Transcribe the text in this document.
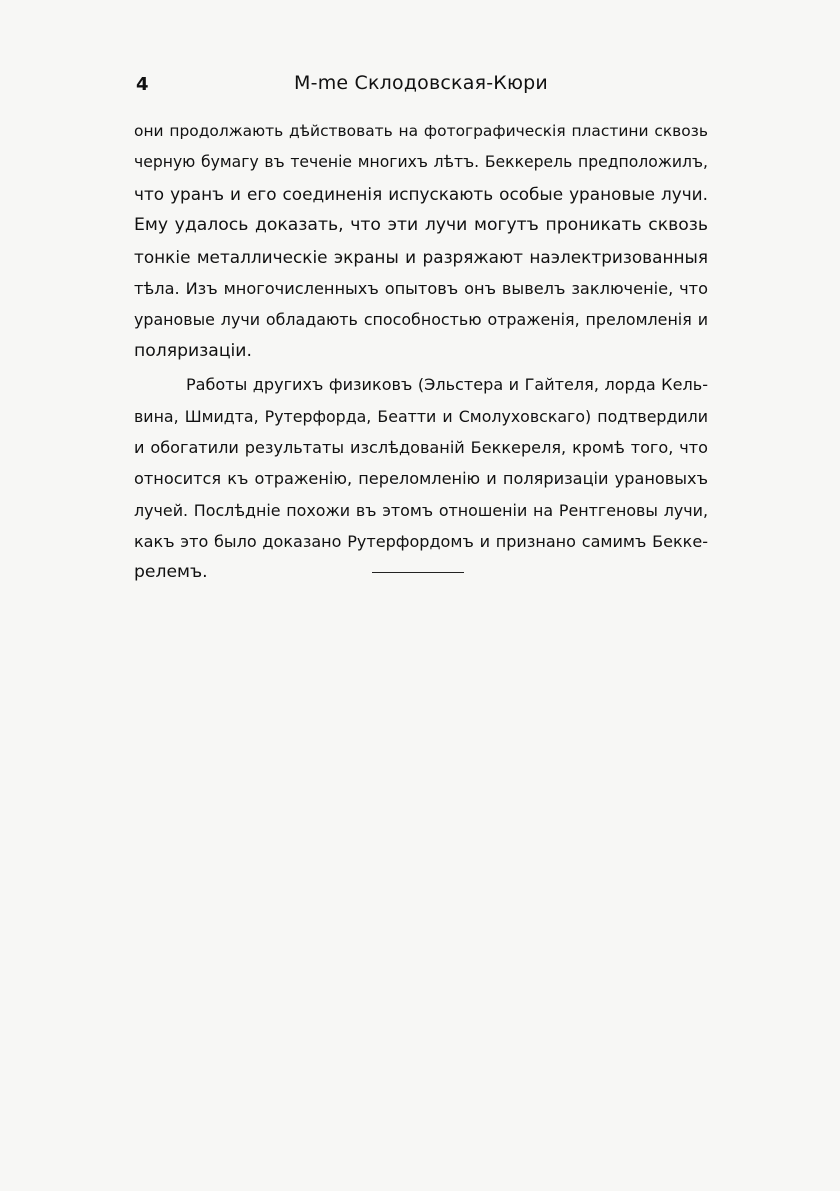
4	M-me Склодовская-Кюри
они продолжають дѣйствовать на фотографическія пластини сквозь
черную бумагу въ теченіе многихъ лѣтъ. Беккерель предположилъ,
что уранъ и его соединенія испускають особые урановые лучи.
Ему удалось доказать, что эти лучи могутъ проникать сквозь
тонкіе металлическіе экраны и разряжают наэлектризованныя
тѣла. Изъ многочисленныхъ опытовъ онъ вывелъ заключеніе, что
урановые лучи обладають способностью отраженія, преломленія и
поляризаціи.
Работы другихъ физиковъ (Эльстера и Гайтеля, лорда Кель-
вина, Шмидта, Рутерфорда, Беатти и Смолуховскаго) подтвердили
и обогатили результаты изслѣдованій Беккереля, кромѣ того, что
относится къ отраженію, переломленію и поляризаціи урановыхъ
лучей. Послѣдніе похожи въ этомъ отношеніи на Рентгеновы лучи,
какъ это было доказано Рутерфордомъ и признано самимъ Бекке-
релемъ.
